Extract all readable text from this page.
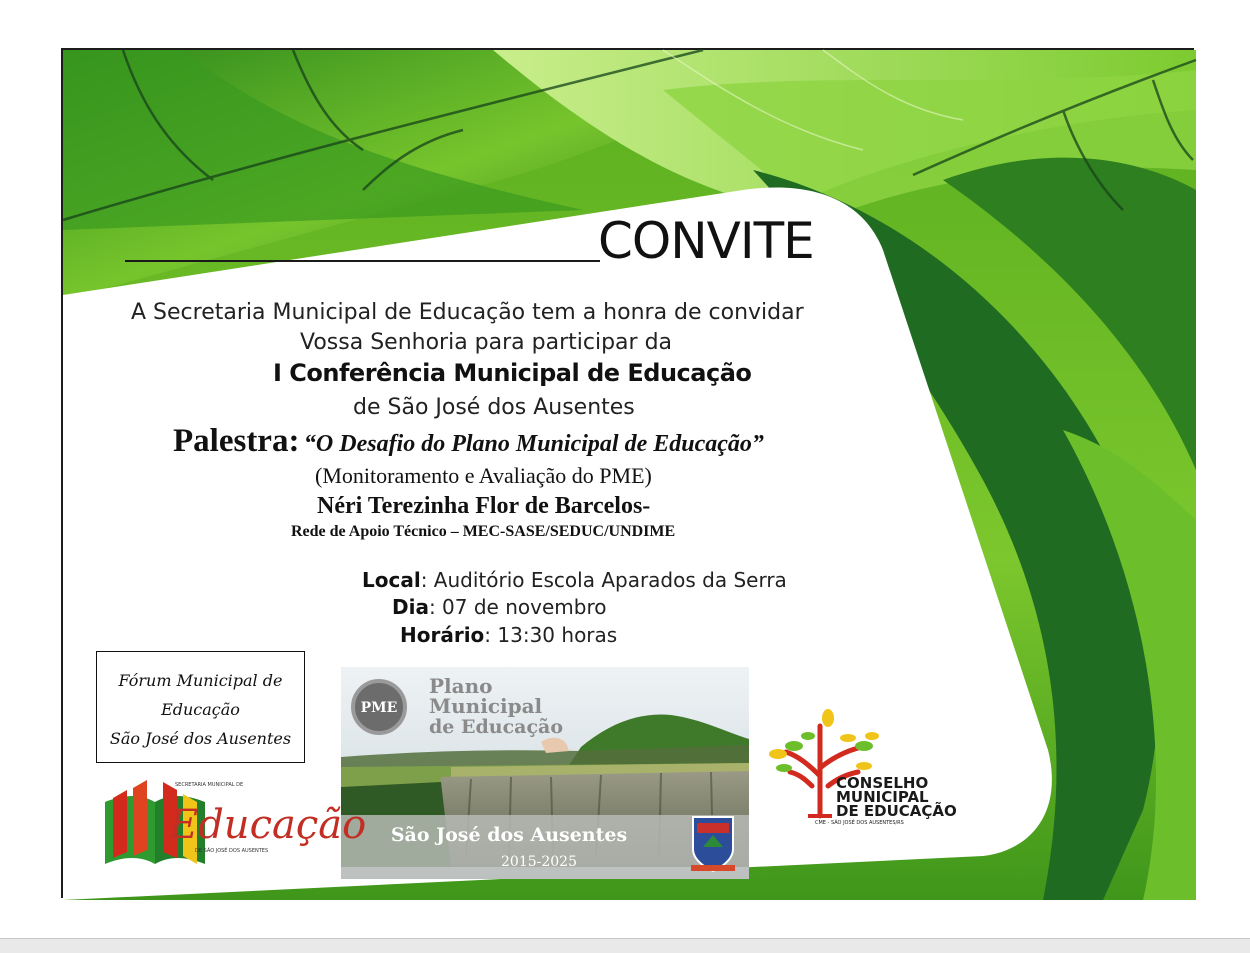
CONVITE
A Secretaria Municipal de Educação tem a honra de convidar
Vossa Senhoria para participar da
I Conferência Municipal de Educação
de São José dos Ausentes
Palestra: “O Desafio do Plano Municipal de Educação”
(Monitoramento e Avaliação do PME)
Néri Terezinha Flor de Barcelos-
Rede de Apoio Técnico – MEC-SASE/SEDUC/UNDIME
Local: Auditório Escola Aparados da Serra
Dia: 07 de novembro
Horário: 13:30 horas
Fórum Municipal de
Educação
São José dos Ausentes
PME
Plano
Municipal
de Educação
São José dos Ausentes
2015-2025
SECRETARIA MUNICIPAL DE
Educação
DE SÃO JOSÉ DOS AUSENTES
CONSELHO
MUNICIPAL
DE EDUCAÇÃO
CME - SÃO JOSÉ DOS AUSENTES/RS
